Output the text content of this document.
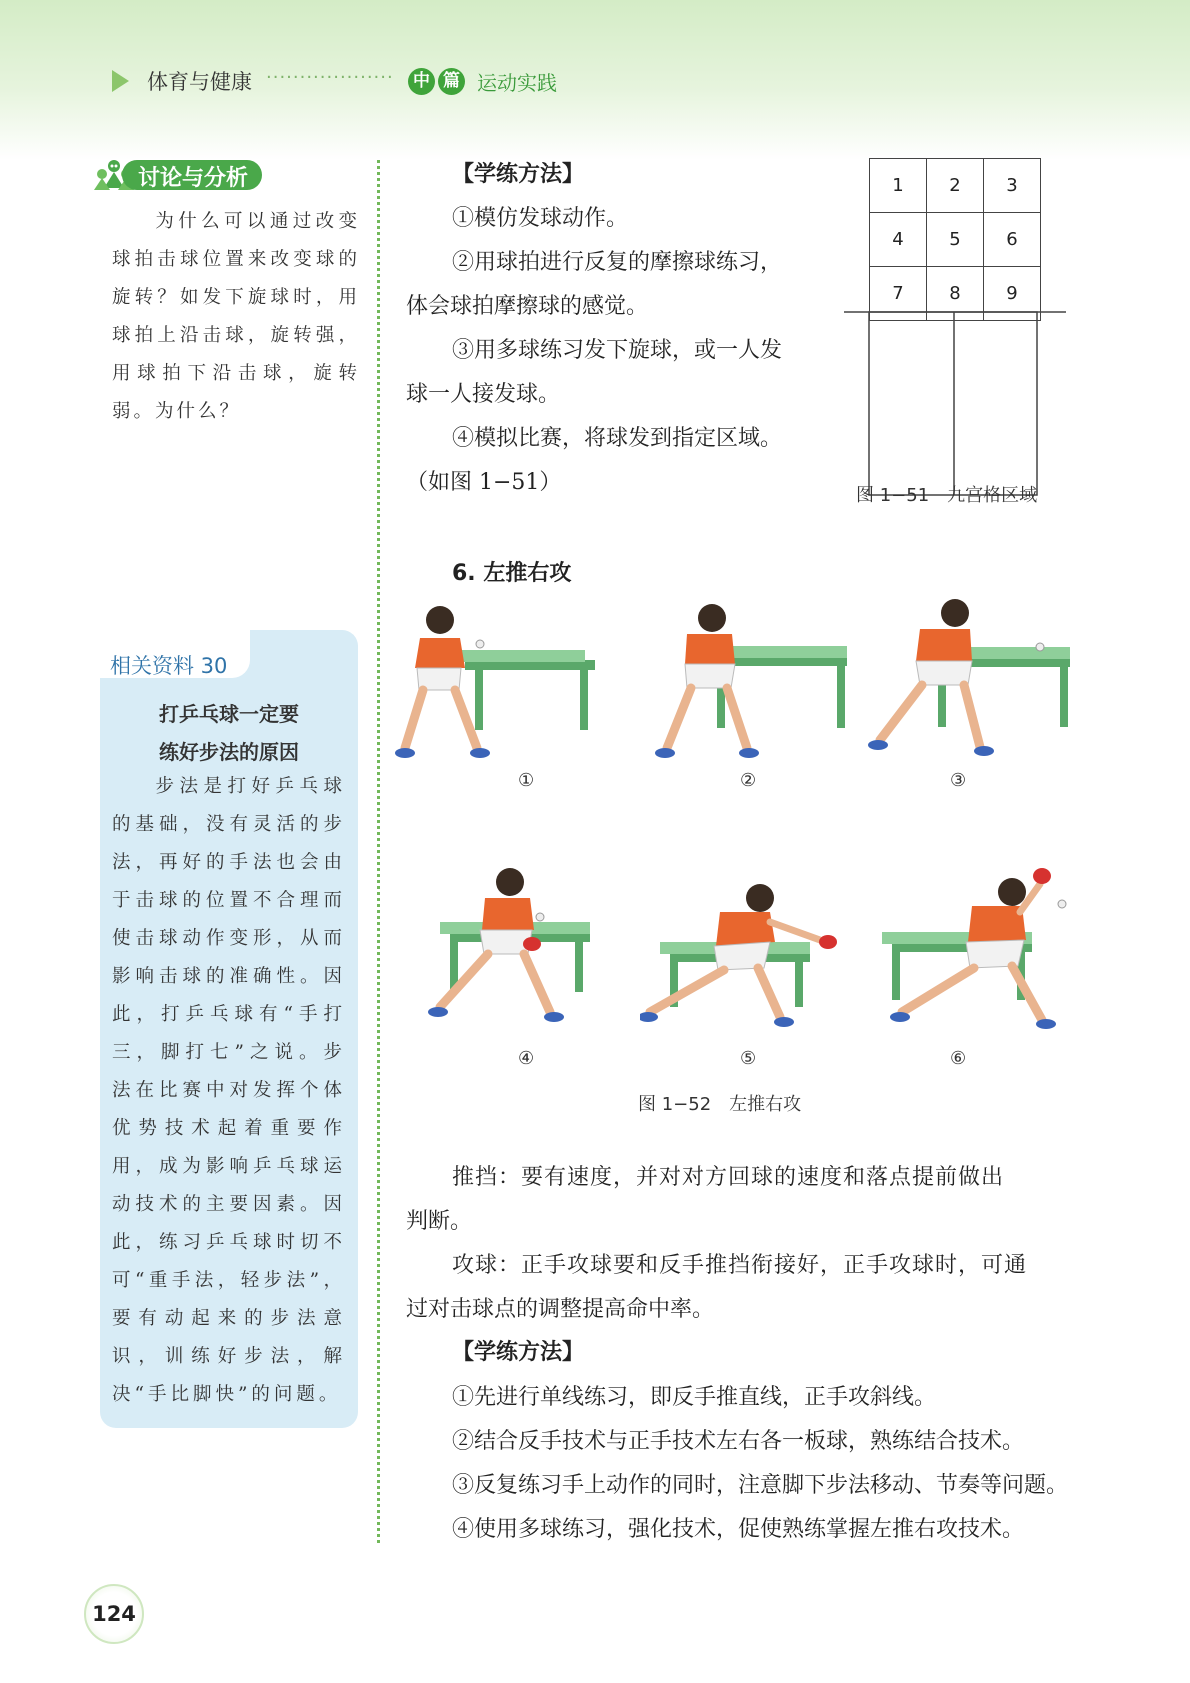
体育与健康 ··················· 中 篇 运动实践
讨论与分析
为什么可以通过改变球拍击球位置来改变球的旋转？如发下旋球时，用球拍上沿击球，旋转强，用球拍下沿击球，旋转弱。为什么？
相关资料 30
打乒乓球一定要
练好步法的原因
步法是打好乒乓球的基础，没有灵活的步法，再好的手法也会由于击球的位置不合理而使击球动作变形，从而影响击球的准确性。因此，打乒乓球有“手打三，脚打七”之说。步法在比赛中对发挥个体优势技术起着重要作用，成为影响乒乓球运动技术的主要因素。因此，练习乒乓球时切不可“重手法，轻步法”，要有动起来的步法意识，训练好步法，解决“手比脚快”的问题。
【学练方法】
①模仿发球动作。
②用球拍进行反复的摩擦球练习，
体会球拍摩擦球的感觉。
③用多球练习发下旋球，或一人发
球一人接发球。
④模拟比赛，将球发到指定区域。
（如图 1−51）
1	2	3
4	5	6
7	8	9
图 1−51　九宫格区域
6. 左推右攻
①	②	③
④	⑤	⑥
图 1−52　左推右攻
推挡：要有速度，并对对方回球的速度和落点提前做出
判断。
攻球：正手攻球要和反手推挡衔接好，正手攻球时，可通
过对击球点的调整提高命中率。
【学练方法】
①先进行单线练习，即反手推直线，正手攻斜线。
②结合反手技术与正手技术左右各一板球，熟练结合技术。
③反复练习手上动作的同时，注意脚下步法移动、节奏等问题。
④使用多球练习，强化技术，促使熟练掌握左推右攻技术。
124
